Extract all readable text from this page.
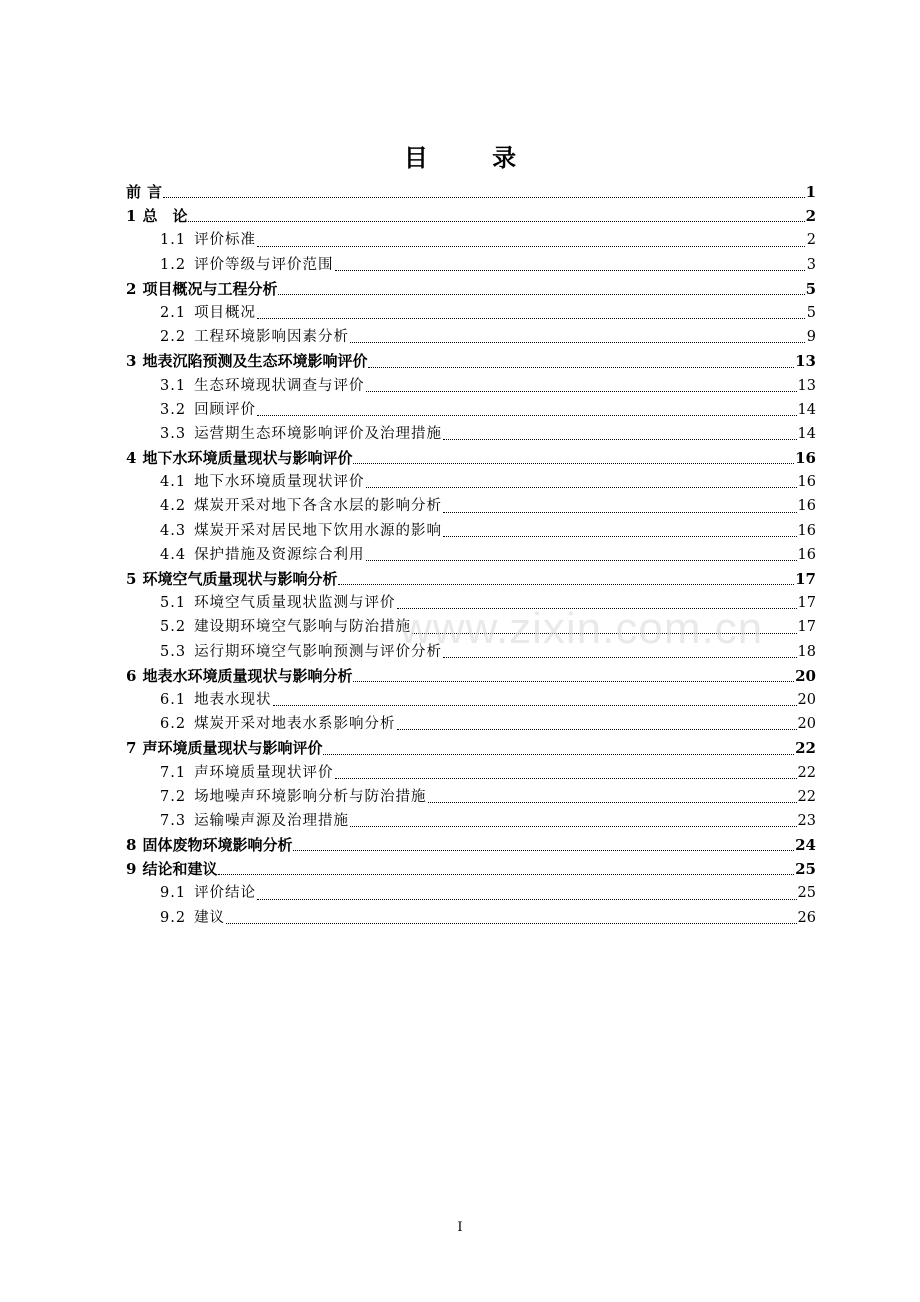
目 录
前 言	1
1 总　论	2
1.1 评价标准	2
1.2 评价等级与评价范围	3
2 项目概况与工程分析	5
2.1 项目概况	5
2.2 工程环境影响因素分析	9
3 地表沉陷预测及生态环境影响评价	13
3.1 生态环境现状调查与评价	13
3.2 回顾评价	14
3.3 运营期生态环境影响评价及治理措施	14
4 地下水环境质量现状与影响评价	16
4.1 地下水环境质量现状评价	16
4.2 煤炭开采对地下各含水层的影响分析	16
4.3 煤炭开采对居民地下饮用水源的影响	16
4.4 保护措施及资源综合利用	16
5 环境空气质量现状与影响分析	17
5.1 环境空气质量现状监测与评价	17
5.2 建设期环境空气影响与防治措施	17
5.3 运行期环境空气影响预测与评价分析	18
6 地表水环境质量现状与影响分析	20
6.1 地表水现状	20
6.2 煤炭开采对地表水系影响分析	20
7 声环境质量现状与影响评价	22
7.1 声环境质量现状评价	22
7.2 场地噪声环境影响分析与防治措施	22
7.3 运输噪声源及治理措施	23
8 固体废物环境影响分析	24
9 结论和建议	25
9.1 评价结论	25
9.2 建议	26
www.zixin.com.cn
I
